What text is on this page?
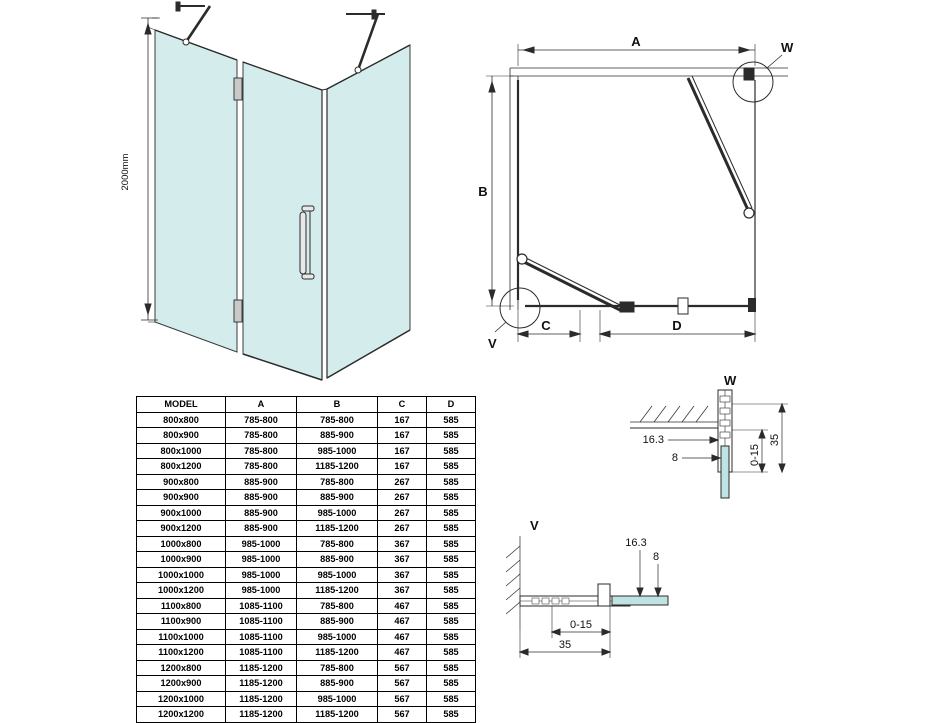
2000mm
W
V
A
B
C	D
W
16.3
8	0-15
35
V
16.3
8
0-15
35
MODEL	A	B	C	D
800x800	785-800	785-800	167	585
800x900	785-800	885-900	167	585
800x1000	785-800	985-1000	167	585
800x1200	785-800	1185-1200	167	585
900x800	885-900	785-800	267	585
900x900	885-900	885-900	267	585
900x1000	885-900	985-1000	267	585
900x1200	885-900	1185-1200	267	585
1000x800	985-1000	785-800	367	585
1000x900	985-1000	885-900	367	585
1000x1000	985-1000	985-1000	367	585
1000x1200	985-1000	1185-1200	367	585
1100x800	1085-1100	785-800	467	585
1100x900	1085-1100	885-900	467	585
1100x1000	1085-1100	985-1000	467	585
1100x1200	1085-1100	1185-1200	467	585
1200x800	1185-1200	785-800	567	585
1200x900	1185-1200	885-900	567	585
1200x1000	1185-1200	985-1000	567	585
1200x1200	1185-1200	1185-1200	567	585
